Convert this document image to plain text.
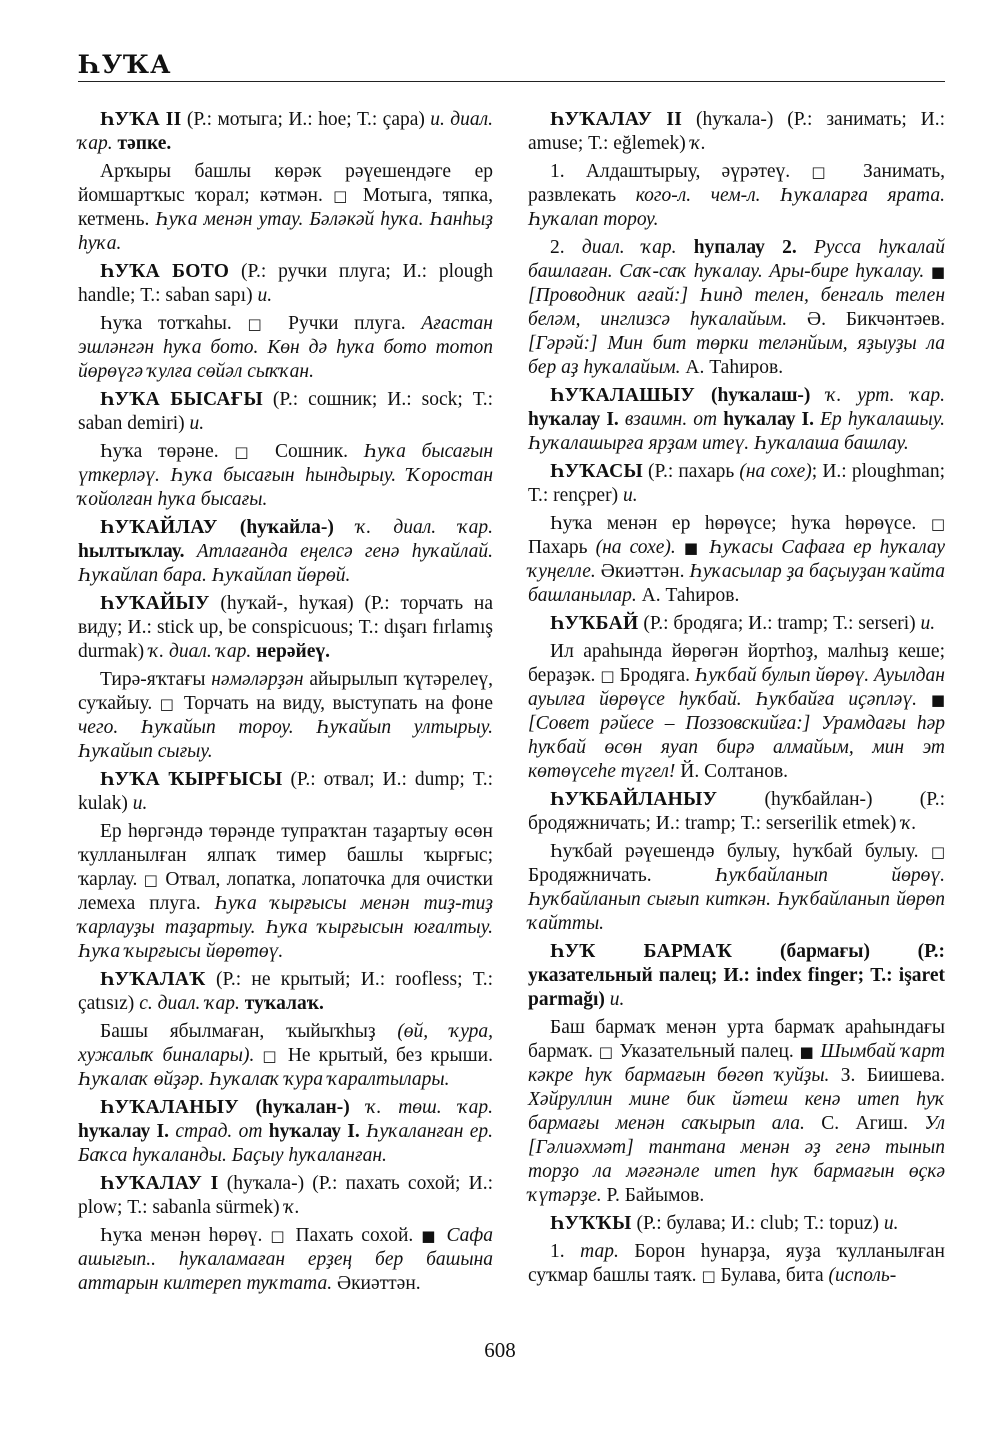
ҺУҠА

ҺУҠА II (Р.: мотыга; И.: hoe; Т.: çapa) и. диал. ҡар. тәпке.

Арҡыры башлы көрәк рәүешендәге ер йомшартҡыс ҡорал; кәтмән. □ Мотыга, тяпка, кетмень. Һуҡа менән утау. Бәләкәй һуҡа. Һанһыҙ һуҡа.

ҺУҠА БОТО (Р.: ручки плуга; И.: plough handle; Т.: saban sapı) и.

Һуҡа тотҡаһы. □ Ручки плуга. Ағастан эшләнгән һуҡа бото. Көн дә һуҡа бото тотоп йөрөүгә ҡулға сөйәл сыҡҡан.

ҺУҠА БЫСАҒЫ (Р.: сошник; И.: sock; Т.: saban demiri) и.

Һуҡа төрәне. □ Сошник. Һуҡа бысағын үткерләү. Һуҡа бысағын һындырыу. Ҡоростан ҡойолған һуҡа бысағы.

ҺУҠАЙЛАУ (һуҡайла-) ҡ. диал. ҡар. һылтыҡлау. Атлағанда еңелсә генә һуҡайлай. Һуҡайлап бара. Һуҡайлап йөрөй.

ҺУҠАЙЫУ (һуҡай-, һуҡая) (Р.: торчать на виду; И.: stick up, be conspicuous; Т.: dışarı fırlamış durmak) ҡ. диал. ҡар. нерәйеү.

Тирә-яҡтағы нәмәләрҙән айырылып ҡүтәрелеү, суҡайыу. □ Торчать на виду, выступать на фоне чего. Һуҡайып тороу. Һуҡайып ултырыу. Һуҡайып сығыу.

ҺУҠА ҠЫРҒЫСЫ (Р.: отвал; И.: dump; Т.: kulak) и.

Ер һөргәндә төрәнде тупраҡтан таҙартыу өсөн ҡулланылған ялпаҡ тимер башлы ҡырғыс; ҡарлау. □ Отвал, лопатка, лопаточка для очистки лемеха плуга. Һуҡа ҡырғысы менән тиҙ-тиҙ ҡарлауҙы таҙартыу. Һуҡа ҡырғысын юғалтыу. Һуҡа ҡырғысы йөрөтөү.

ҺУҠАЛАҠ (Р.: не крытый; И.: roofless; Т.: çatısız) с. диал. ҡар. туҡалаҡ.

Башы ябылмаған, ҡыйыҡһыҙ (өй, ҡура, хужалыҡ биналары). □ Не крытый, без крыши. Һуҡалаҡ өйҙәр. Һуҡалаҡ ҡура ҡаралтылары.

ҺУҠАЛАНЫУ (һуҡалан-) ҡ. төш. ҡар. һуҡалау I. страд. от һуҡалау I. Һуҡаланған ер. Баҡса һуҡаланды. Баҫыу һуҡаланған.

ҺУҠАЛАУ I (һуҡала-) (Р.: пахать сохой; И.: plow; Т.: sabanla sürmek) ҡ.

Һуҡа менән һөрөү. □ Пахать сохой. ■ Сафа ашығып.. һуҡаламаған ерҙең бер башына аттарын килтереп туҡтата. Әкиәттән.

ҺУҠАЛАУ II (һуҡала-) (Р.: занимать; И.: amuse; Т.: eğlemek) ҡ.

1. Алдаштырыу, әүрәтеү. □ Занимать, развлекать кого-л. чем-л. Һуҡаларға ярата. Һуҡалап тороу.

2. диал. ҡар. һупалау 2. Русса һуҡалай башлаған. Саҡ-саҡ һуҡалау. Ары-бире һуҡалау. ■ [Проводник ағай:] Һинд телен, бенгаль телен беләм, инглизсә һуҡалайым. Ә. Бикчәнтәев. [Гәрәй:] Мин бит төрки теләнйым, яҙыуҙы ла бер аҙ һуҡалайым. А. Таһиров.

ҺУҠАЛАШЫУ (һуҡалаш-) ҡ. урт. ҡар. һуҡалау I. взаимн. от һуҡалау I. Ер һуҡалашыу. Һуҡалашырға ярҙам итеү. Һуҡалаша башлау.

ҺУҠАСЫ (Р.: пахарь (на сохе); И.: ploughman; Т.: rençper) и.

Һуҡа менән ер һөрөүсе; һуҡа һөрөүсе. □ Пахарь (на сохе). ■ Һуҡасы Сафаға ер һуҡалау ҡуңелле. Әкиәттән. Һуҡасылар ҙа баҫыуҙан ҡайта башланылар. А. Таһиров.

ҺУҠБАЙ (Р.: бродяга; И.: tramp; Т.: serseri) и.

Ил араһында йөрөгән йортһоҙ, малһыҙ кеше; бераҙәк. □ Бродяга. Һуҡбай булып йөрөү. Ауылдан ауылға йөрөүсе һуҡбай. Һуҡбайға иҫәпләү. ■ [Совет рәйесе – Поззовскийға:] Урамдағы һәр һуҡбай өсөн яуап бирә алмайым, мин эт көтөүсеһе түгел! Й. Солтанов.

ҺУҠБАЙЛАНЫУ (һуҡбайлан-) (Р.: бродяжничать; И.: tramp; Т.: serserilik etmek) ҡ.

Һуҡбай рәүешендә булыу, һуҡбай булыу. □ Бродяжничать. Һуҡбайланып йөрөү. Һуҡбайланып сығып киткән. Һуҡбайланып йөрөп ҡайтты.

ҺУҠ БАРМАҠ (бармағы) (Р.: указательный палец; И.: index finger; Т.: işaret parmağı) и.

Баш бармаҡ менән урта бармаҡ араһындағы бармаҡ. □ Указательный палец. ■ Шымбай ҡарт кәкре һуҡ бармағын бөгөп ҡуйҙы. З. Биишева. Хәйруллин мине бик йәтеш кенә итеп һуҡ бармағы менән саҡырып ала. С. Агиш. Ул [Гәлиәхмәт] тантана менән әҙ генә тынып торҙо ла мәғәнәле итеп һуҡ бармағын өҫкә ҡүтәрҙе. Р. Байымов.

ҺУҠҠЫ (Р.: булава; И.: club; Т.: topuz) и.

1. тар. Борон һунарҙа, яуҙа ҡулланылған суҡмар башлы таяҡ. □ Булава, бита (исполь-

608
